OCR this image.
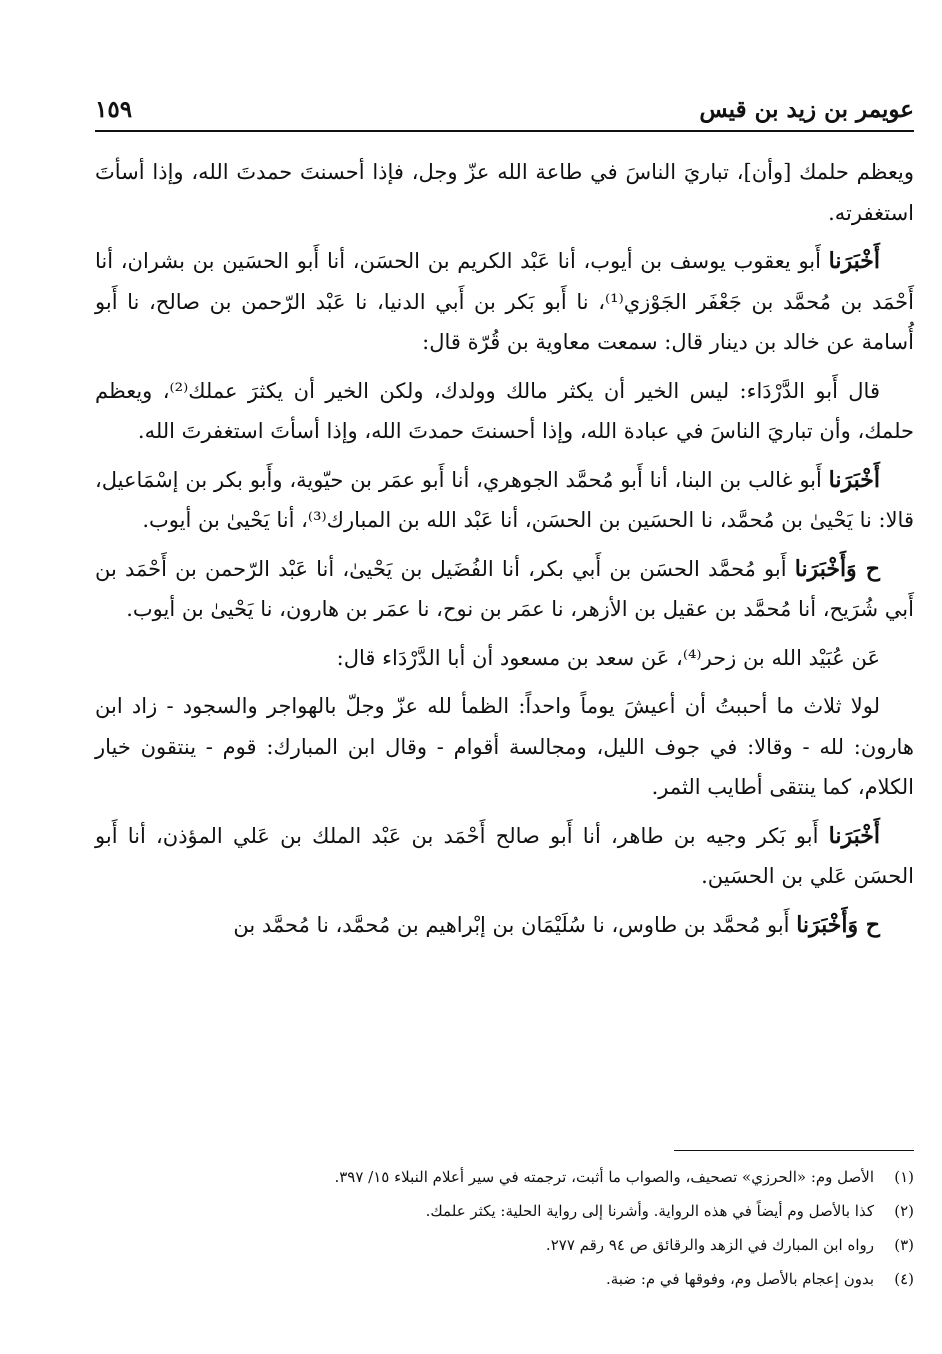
عويمر بن زيد بن قيس
١٥٩

ويعظم حلمك [وأن]، تباريَ الناسَ في طاعة الله عزّ وجل، فإذا أحسنتَ حمدتَ الله، وإذا أسأتَ استغفرته.

أَخْبَرَنا أَبو يعقوب يوسف بن أيوب، أنا عَبْد الكريم بن الحسَن، أنا أَبو الحسَين بن بشران، أنا أَحْمَد بن مُحمَّد بن جَعْفَر الجَوْزي⁽¹⁾، نا أَبو بَكر بن أَبي الدنيا، نا عَبْد الرّحمن بن صالح، نا أَبو أُسامة عن خالد بن دينار قال: سمعت معاوية بن قُرّة قال:

قال أَبو الدَّرْدَاء: ليس الخير أن يكثر مالك وولدك، ولكن الخير أن يكثرَ عملك⁽²⁾، ويعظم حلمك، وأن تباريَ الناسَ في عبادة الله، وإذا أحسنتَ حمدتَ الله، وإذا أسأتَ استغفرتَ الله.

أَخْبَرَنا أَبو غالب بن البنا، أنا أَبو مُحمَّد الجوهري، أنا أَبو عمَر بن حيّوية، وأَبو بكر بن إسْمَاعيل، قالا: نا يَحْيىٰ بن مُحمَّد، نا الحسَين بن الحسَن، أنا عَبْد الله بن المبارك⁽³⁾، أنا يَحْيىٰ بن أيوب.

ح وَأَخْبَرَنا أَبو مُحمَّد الحسَن بن أَبي بكر، أنا الفُضَيل بن يَحْيىٰ، أنا عَبْد الرّحمن بن أَحْمَد بن أَبي شُرَيح، أنا مُحمَّد بن عقيل بن الأزهر، نا عمَر بن نوح، نا عمَر بن هارون، نا يَحْيىٰ بن أيوب.

عَن عُبَيْد الله بن زحر⁽⁴⁾، عَن سعد بن مسعود أن أبا الدَّرْدَاء قال:

لولا ثلاث ما أحببتُ أن أعيشَ يوماً واحداً: الظمأ لله عزّ وجلّ بالهواجر والسجود - زاد ابن هارون: لله - وقالا: في جوف الليل، ومجالسة أقوام - وقال ابن المبارك: قوم - ينتقون خيار الكلام، كما ينتقى أطايب الثمر.

أَخْبَرَنا أَبو بَكر وجيه بن طاهر، أنا أَبو صالح أَحْمَد بن عَبْد الملك بن عَلي المؤذن، أنا أَبو الحسَن عَلي بن الحسَين.

ح وَأَخْبَرَنا أَبو مُحمَّد بن طاوس، نا سُلَيْمَان بن إبْراهيم بن مُحمَّد، نا مُحمَّد بن

(١)الأصل وم: «الحرزي» تصحيف، والصواب ما أثبت، ترجمته في سير أعلام النبلاء ١٥/ ٣٩٧.
(٢)كذا بالأصل وم أيضاً في هذه الرواية. وأشرنا إلى رواية الحلية: يكثر علمك.
(٣)رواه ابن المبارك في الزهد والرقائق ص ٩٤ رقم ٢٧٧.
(٤)بدون إعجام بالأصل وم، وفوقها في م: ضبة.
